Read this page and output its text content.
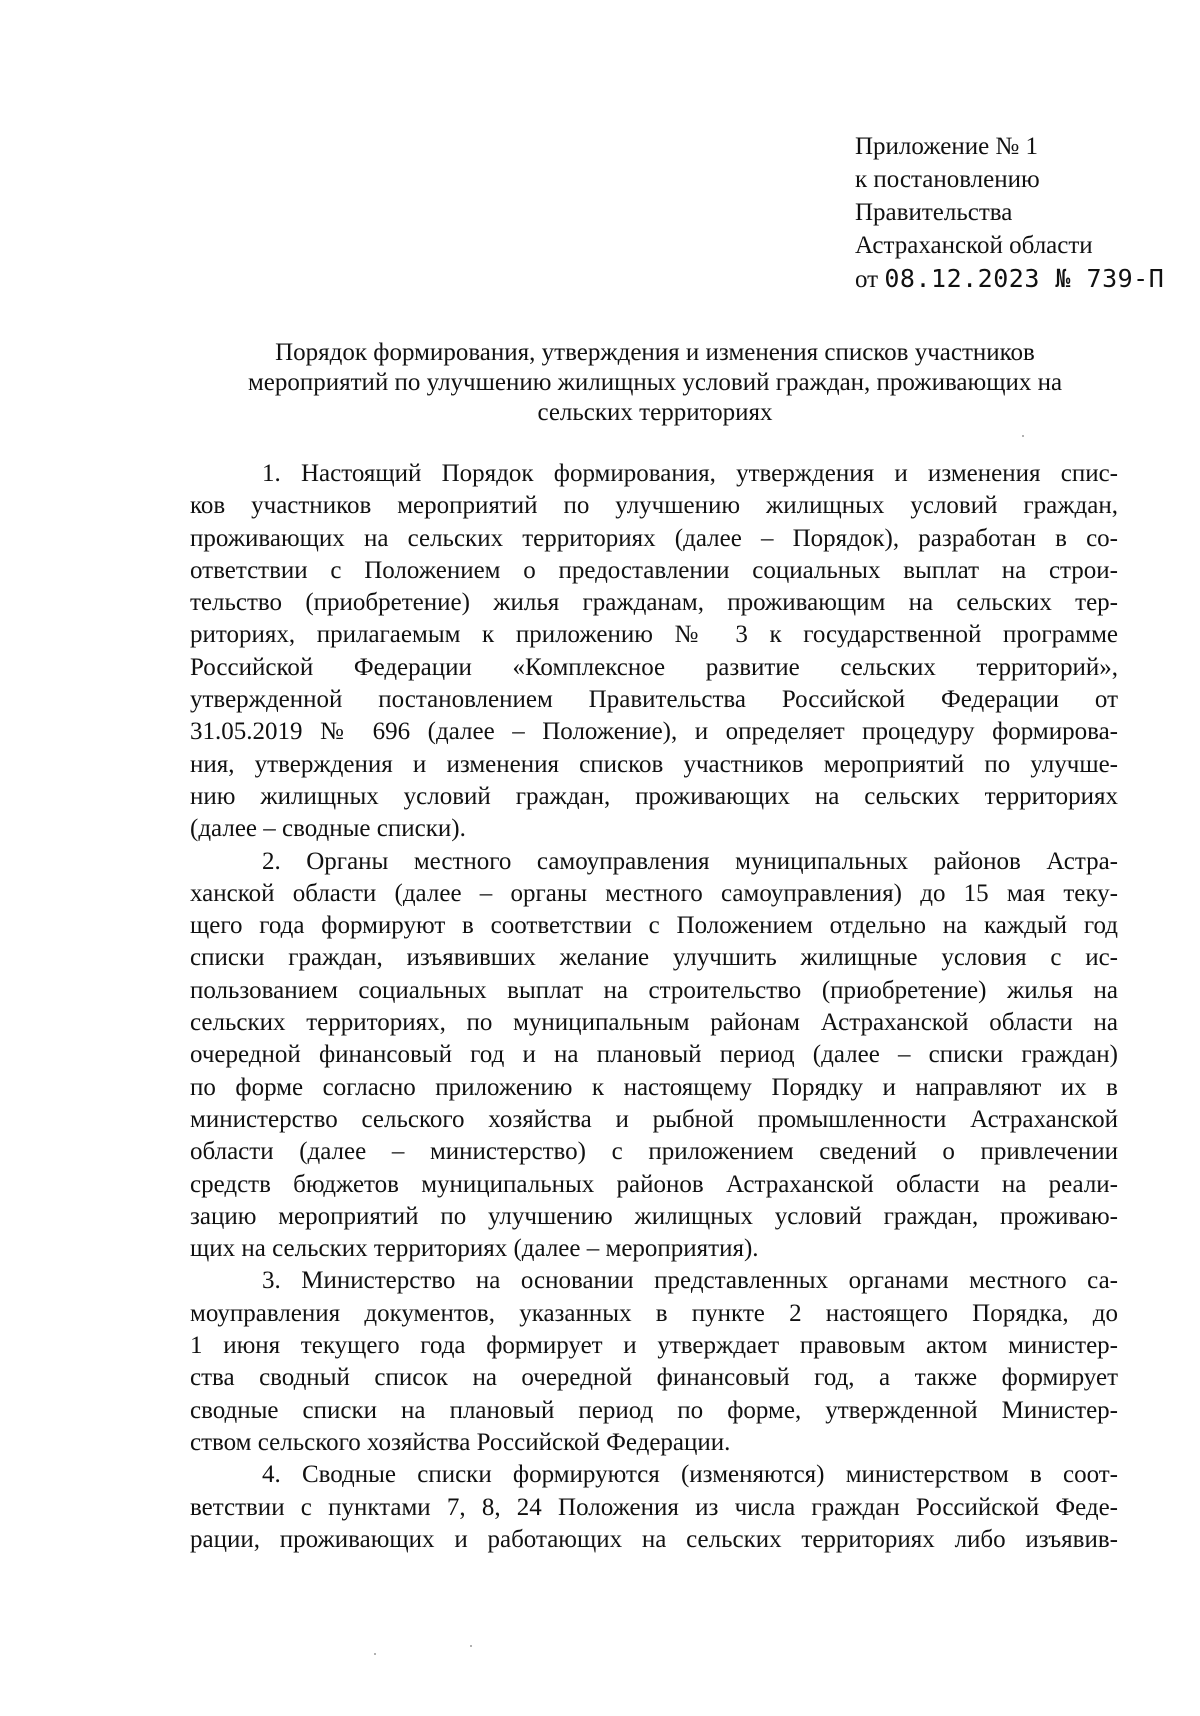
Приложение № 1
к постановлению
Правительства
Астраханской области
от 08.12.2023 № 739-П
Порядок формирования, утверждения и изменения списков участников
мероприятий по улучшению жилищных условий граждан, проживающих на
сельских территориях
1. Настоящий Порядок формирования, утверждения и изменения спис-
ков участников мероприятий по улучшению жилищных условий граждан,
проживающих на сельских территориях (далее – Порядок), разработан в со-
ответствии с Положением о предоставлении социальных выплат на строи-
тельство (приобретение) жилья гражданам, проживающим на сельских тер-
риториях, прилагаемым к приложению № 3 к государственной программе
Российской Федерации «Комплексное развитие сельских территорий»,
утвержденной постановлением Правительства Российской Федерации от
31.05.2019 № 696 (далее – Положение), и определяет процедуру формирова-
ния, утверждения и изменения списков участников мероприятий по улучше-
нию жилищных условий граждан, проживающих на сельских территориях
(далее – сводные списки).
2. Органы местного самоуправления муниципальных районов Астра-
ханской области (далее – органы местного самоуправления) до 15 мая теку-
щего года формируют в соответствии с Положением отдельно на каждый год
списки граждан, изъявивших желание улучшить жилищные условия с ис-
пользованием социальных выплат на строительство (приобретение) жилья на
сельских территориях, по муниципальным районам Астраханской области на
очередной финансовый год и на плановый период (далее – списки граждан)
по форме согласно приложению к настоящему Порядку и направляют их в
министерство сельского хозяйства и рыбной промышленности Астраханской
области (далее – министерство) с приложением сведений о привлечении
средств бюджетов муниципальных районов Астраханской области на реали-
зацию мероприятий по улучшению жилищных условий граждан, проживаю-
щих на сельских территориях (далее – мероприятия).
3. Министерство на основании представленных органами местного са-
моуправления документов, указанных в пункте 2 настоящего Порядка, до
1 июня текущего года формирует и утверждает правовым актом министер-
ства сводный список на очередной финансовый год, а также формирует
сводные списки на плановый период по форме, утвержденной Министер-
ством сельского хозяйства Российской Федерации.
4. Сводные списки формируются (изменяются) министерством в соот-
ветствии с пунктами 7, 8, 24 Положения из числа граждан Российской Феде-
рации, проживающих и работающих на сельских территориях либо изъявив-
